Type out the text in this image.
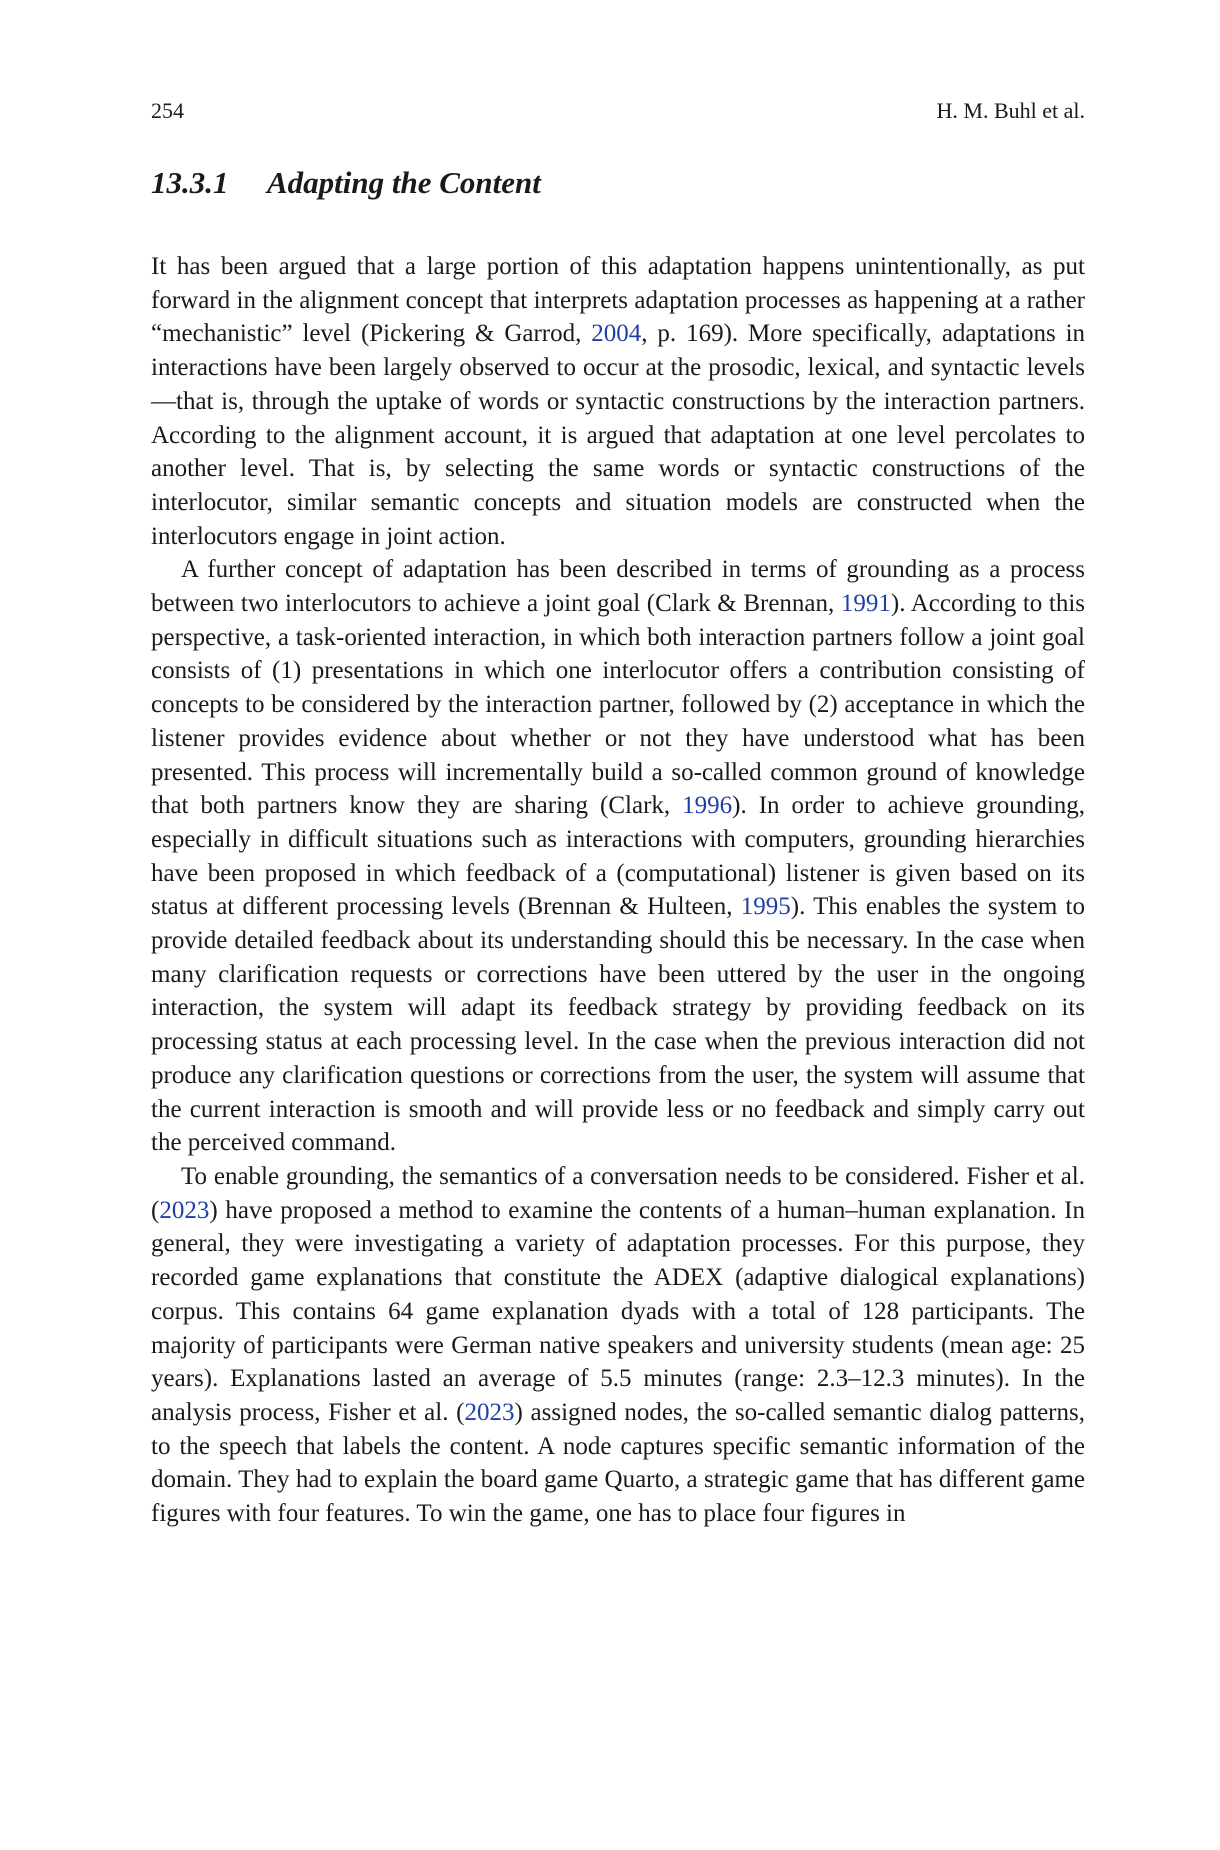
254	H. M. Buhl et al.
13.3.1 Adapting the Content

It has been argued that a large portion of this adaptation happens unintentionally, as put forward in the alignment concept that interprets adaptation processes as happening at a rather “mechanistic” level (Pickering & Garrod, 2004, p. 169). More specifically, adaptations in interactions have been largely observed to occur at the prosodic, lexical, and syntactic levels—that is, through the uptake of words or syntactic constructions by the interaction partners. According to the alignment account, it is argued that adaptation at one level percolates to another level. That is, by selecting the same words or syntactic constructions of the interlocutor, similar semantic concepts and situation models are constructed when the interlocutors engage in joint action.

A further concept of adaptation has been described in terms of grounding as a process between two interlocutors to achieve a joint goal (Clark & Brennan, 1991). According to this perspective, a task-oriented interaction, in which both interaction partners follow a joint goal consists of (1) presentations in which one interlocutor offers a contribution consisting of concepts to be considered by the interaction partner, followed by (2) acceptance in which the listener provides evidence about whether or not they have understood what has been presented. This process will incrementally build a so-called common ground of knowledge that both partners know they are sharing (Clark, 1996). In order to achieve grounding, especially in difficult situations such as interactions with computers, grounding hierarchies have been proposed in which feedback of a (computational) listener is given based on its status at different processing levels (Brennan & Hulteen, 1995). This enables the system to provide detailed feedback about its understanding should this be necessary. In the case when many clarification requests or corrections have been uttered by the user in the ongoing interaction, the system will adapt its feedback strategy by providing feedback on its processing status at each processing level. In the case when the previous interaction did not produce any clarification questions or corrections from the user, the system will assume that the current interaction is smooth and will provide less or no feedback and simply carry out the perceived command.

To enable grounding, the semantics of a conversation needs to be considered. Fisher et al. (2023) have proposed a method to examine the contents of a human–human explanation. In general, they were investigating a variety of adaptation processes. For this purpose, they recorded game explanations that constitute the ADEX (adaptive dialogical explanations) corpus. This contains 64 game explanation dyads with a total of 128 participants. The majority of participants were German native speakers and university students (mean age: 25 years). Explanations lasted an average of 5.5 minutes (range: 2.3–12.3 minutes). In the analysis process, Fisher et al. (2023) assigned nodes, the so-called semantic dialog patterns, to the speech that labels the content. A node captures specific semantic information of the domain. They had to explain the board game Quarto, a strategic game that has different game figures with four features. To win the game, one has to place four figures in
